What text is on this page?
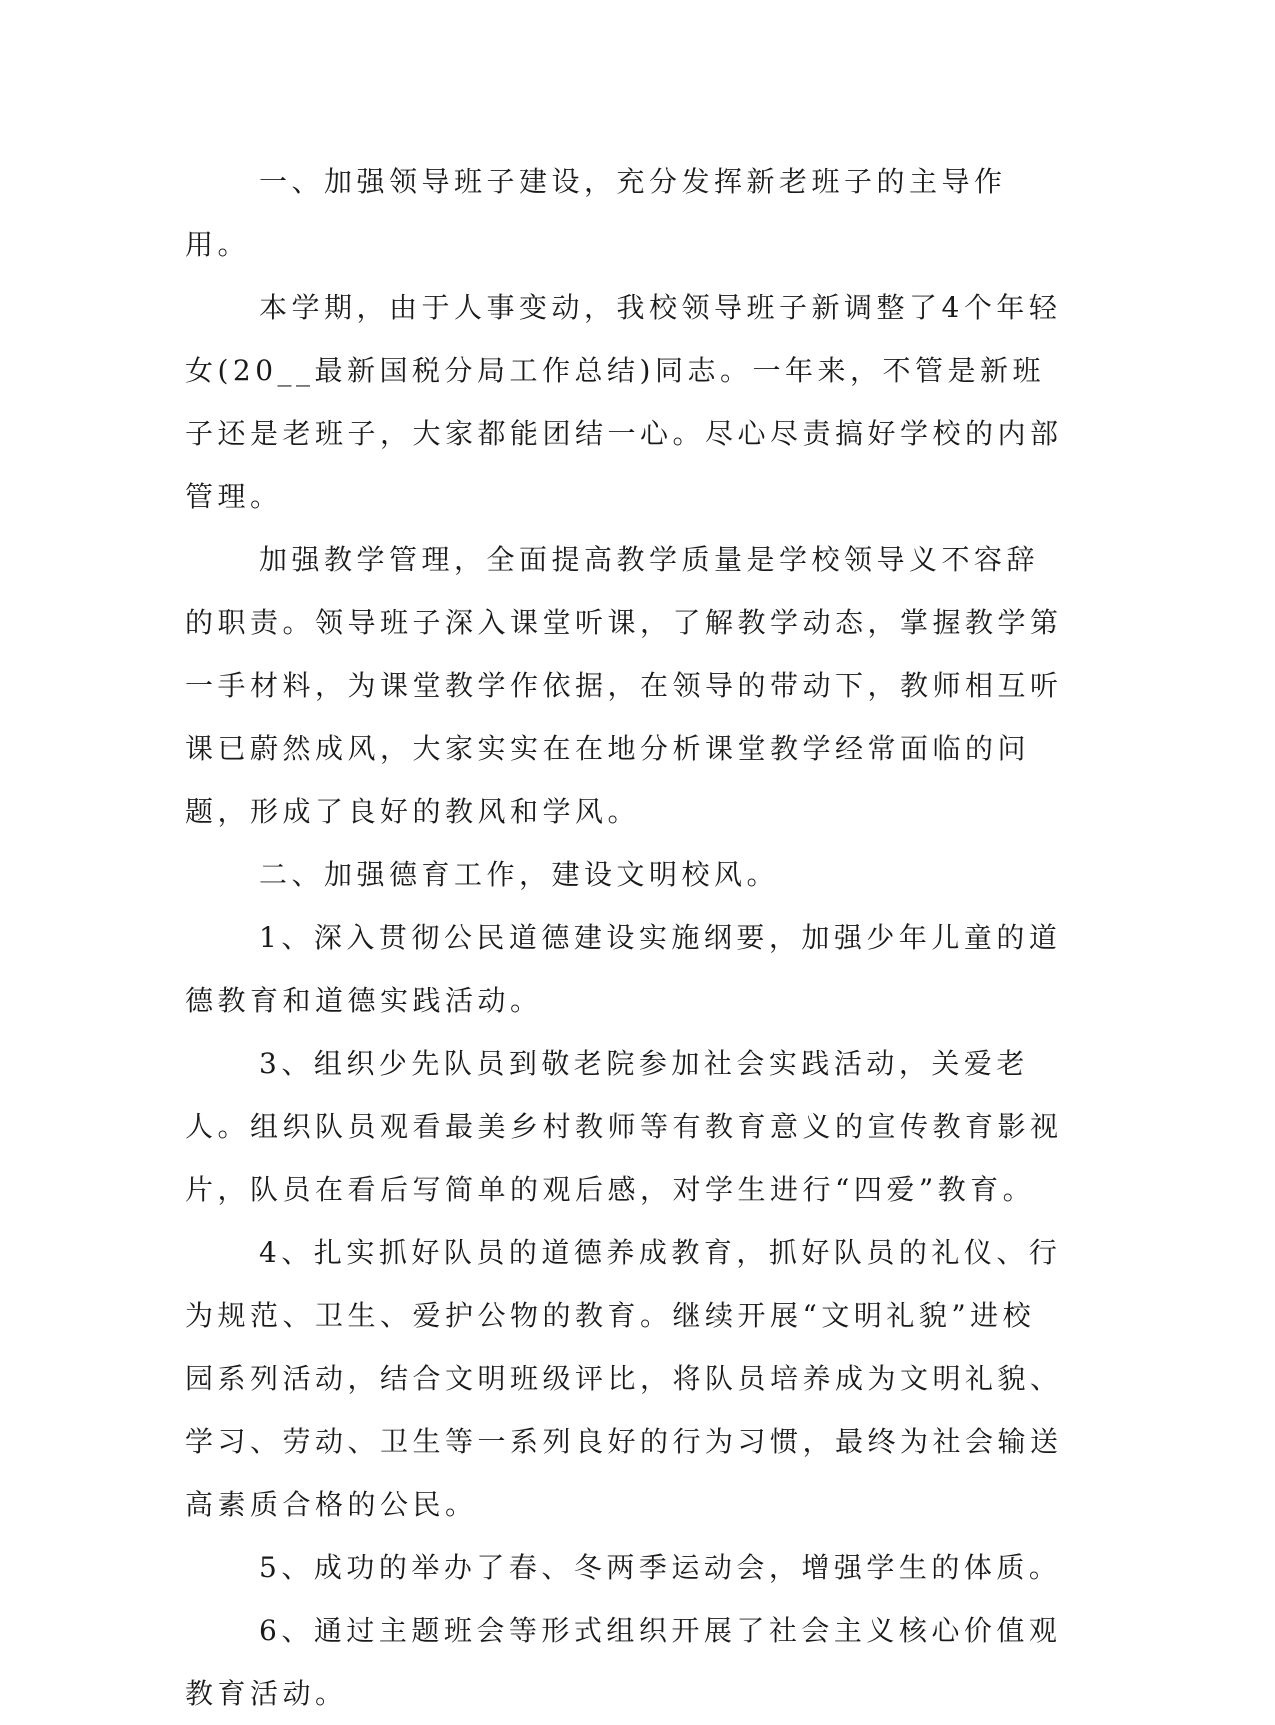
一、加强领导班子建设，充分发挥新老班子的主导作用。

本学期，由于人事变动，我校领导班子新调整了4个年轻女(20__最新国税分局工作总结)同志。一年来，不管是新班子还是老班子，大家都能团结一心。尽心尽责搞好学校的内部管理。

加强教学管理，全面提高教学质量是学校领导义不容辞的职责。领导班子深入课堂听课，了解教学动态，掌握教学第一手材料，为课堂教学作依据，在领导的带动下，教师相互听课已蔚然成风，大家实实在在地分析课堂教学经常面临的问题，形成了良好的教风和学风。

二、加强德育工作，建设文明校风。

1、深入贯彻公民道德建设实施纲要，加强少年儿童的道德教育和道德实践活动。

3、组织少先队员到敬老院参加社会实践活动，关爱老人。组织队员观看最美乡村教师等有教育意义的宣传教育影视片，队员在看后写简单的观后感，对学生进行“四爱”教育。

4、扎实抓好队员的道德养成教育，抓好队员的礼仪、行为规范、卫生、爱护公物的教育。继续开展“文明礼貌”进校园系列活动，结合文明班级评比，将队员培养成为文明礼貌、学习、劳动、卫生等一系列良好的行为习惯，最终为社会输送高素质合格的公民。

5、成功的举办了春、冬两季运动会，增强学生的体质。

6、通过主题班会等形式组织开展了社会主义核心价值观教育活动。
